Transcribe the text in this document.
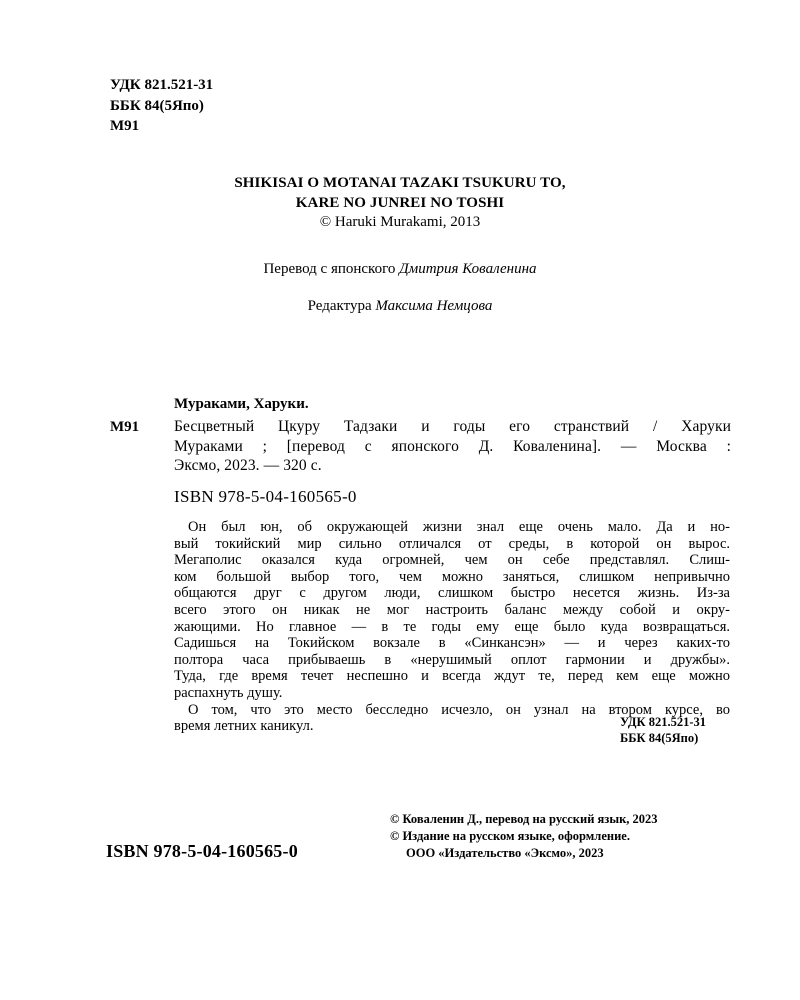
УДК 821.521-31
ББК 84(5Япо)
М91
SHIKISAI O MOTANAI TAZAKI TSUKURU TO,
KARE NO JUNREI NO TOSHI
© Haruki Murakami, 2013
Перевод с японского Дмитрия Коваленина
Редактура Максима Немцова
Мураками, Харуки.
М91 Бесцветный Цкуру Тадзаки и годы его странствий / Харуки
Мураками ; [перевод с японского Д. Коваленина]. — Москва :
Эксмо, 2023. — 320 с.
ISBN 978-5-04-160565-0
Он был юн, об окружающей жизни знал еще очень мало. Да и но-
вый токийский мир сильно отличался от среды, в которой он вырос.
Мегаполис оказался куда огромней, чем он себе представлял. Слиш-
ком большой выбор того, чем можно заняться, слишком непривычно
общаются друг с другом люди, слишком быстро несется жизнь. Из-за
всего этого он никак не мог настроить баланс между собой и окру-
жающими. Но главное — в те годы ему еще было куда возвращаться.
Садишься на Токийском вокзале в «Синкансэн» — и через каких-то
полтора часа прибываешь в «нерушимый оплот гармонии и дружбы».
Туда, где время течет неспешно и всегда ждут те, перед кем еще можно
распахнуть душу.
О том, что это место бесследно исчезло, он узнал на втором курсе, во
время летних каникул.	УДК 821.521-31
ББК 84(5Япо)
ISBN 978-5-04-160565-0
© Коваленин Д., перевод на русский язык, 2023
© Издание на русском языке, оформление.
ООО «Издательство «Эксмо», 2023
